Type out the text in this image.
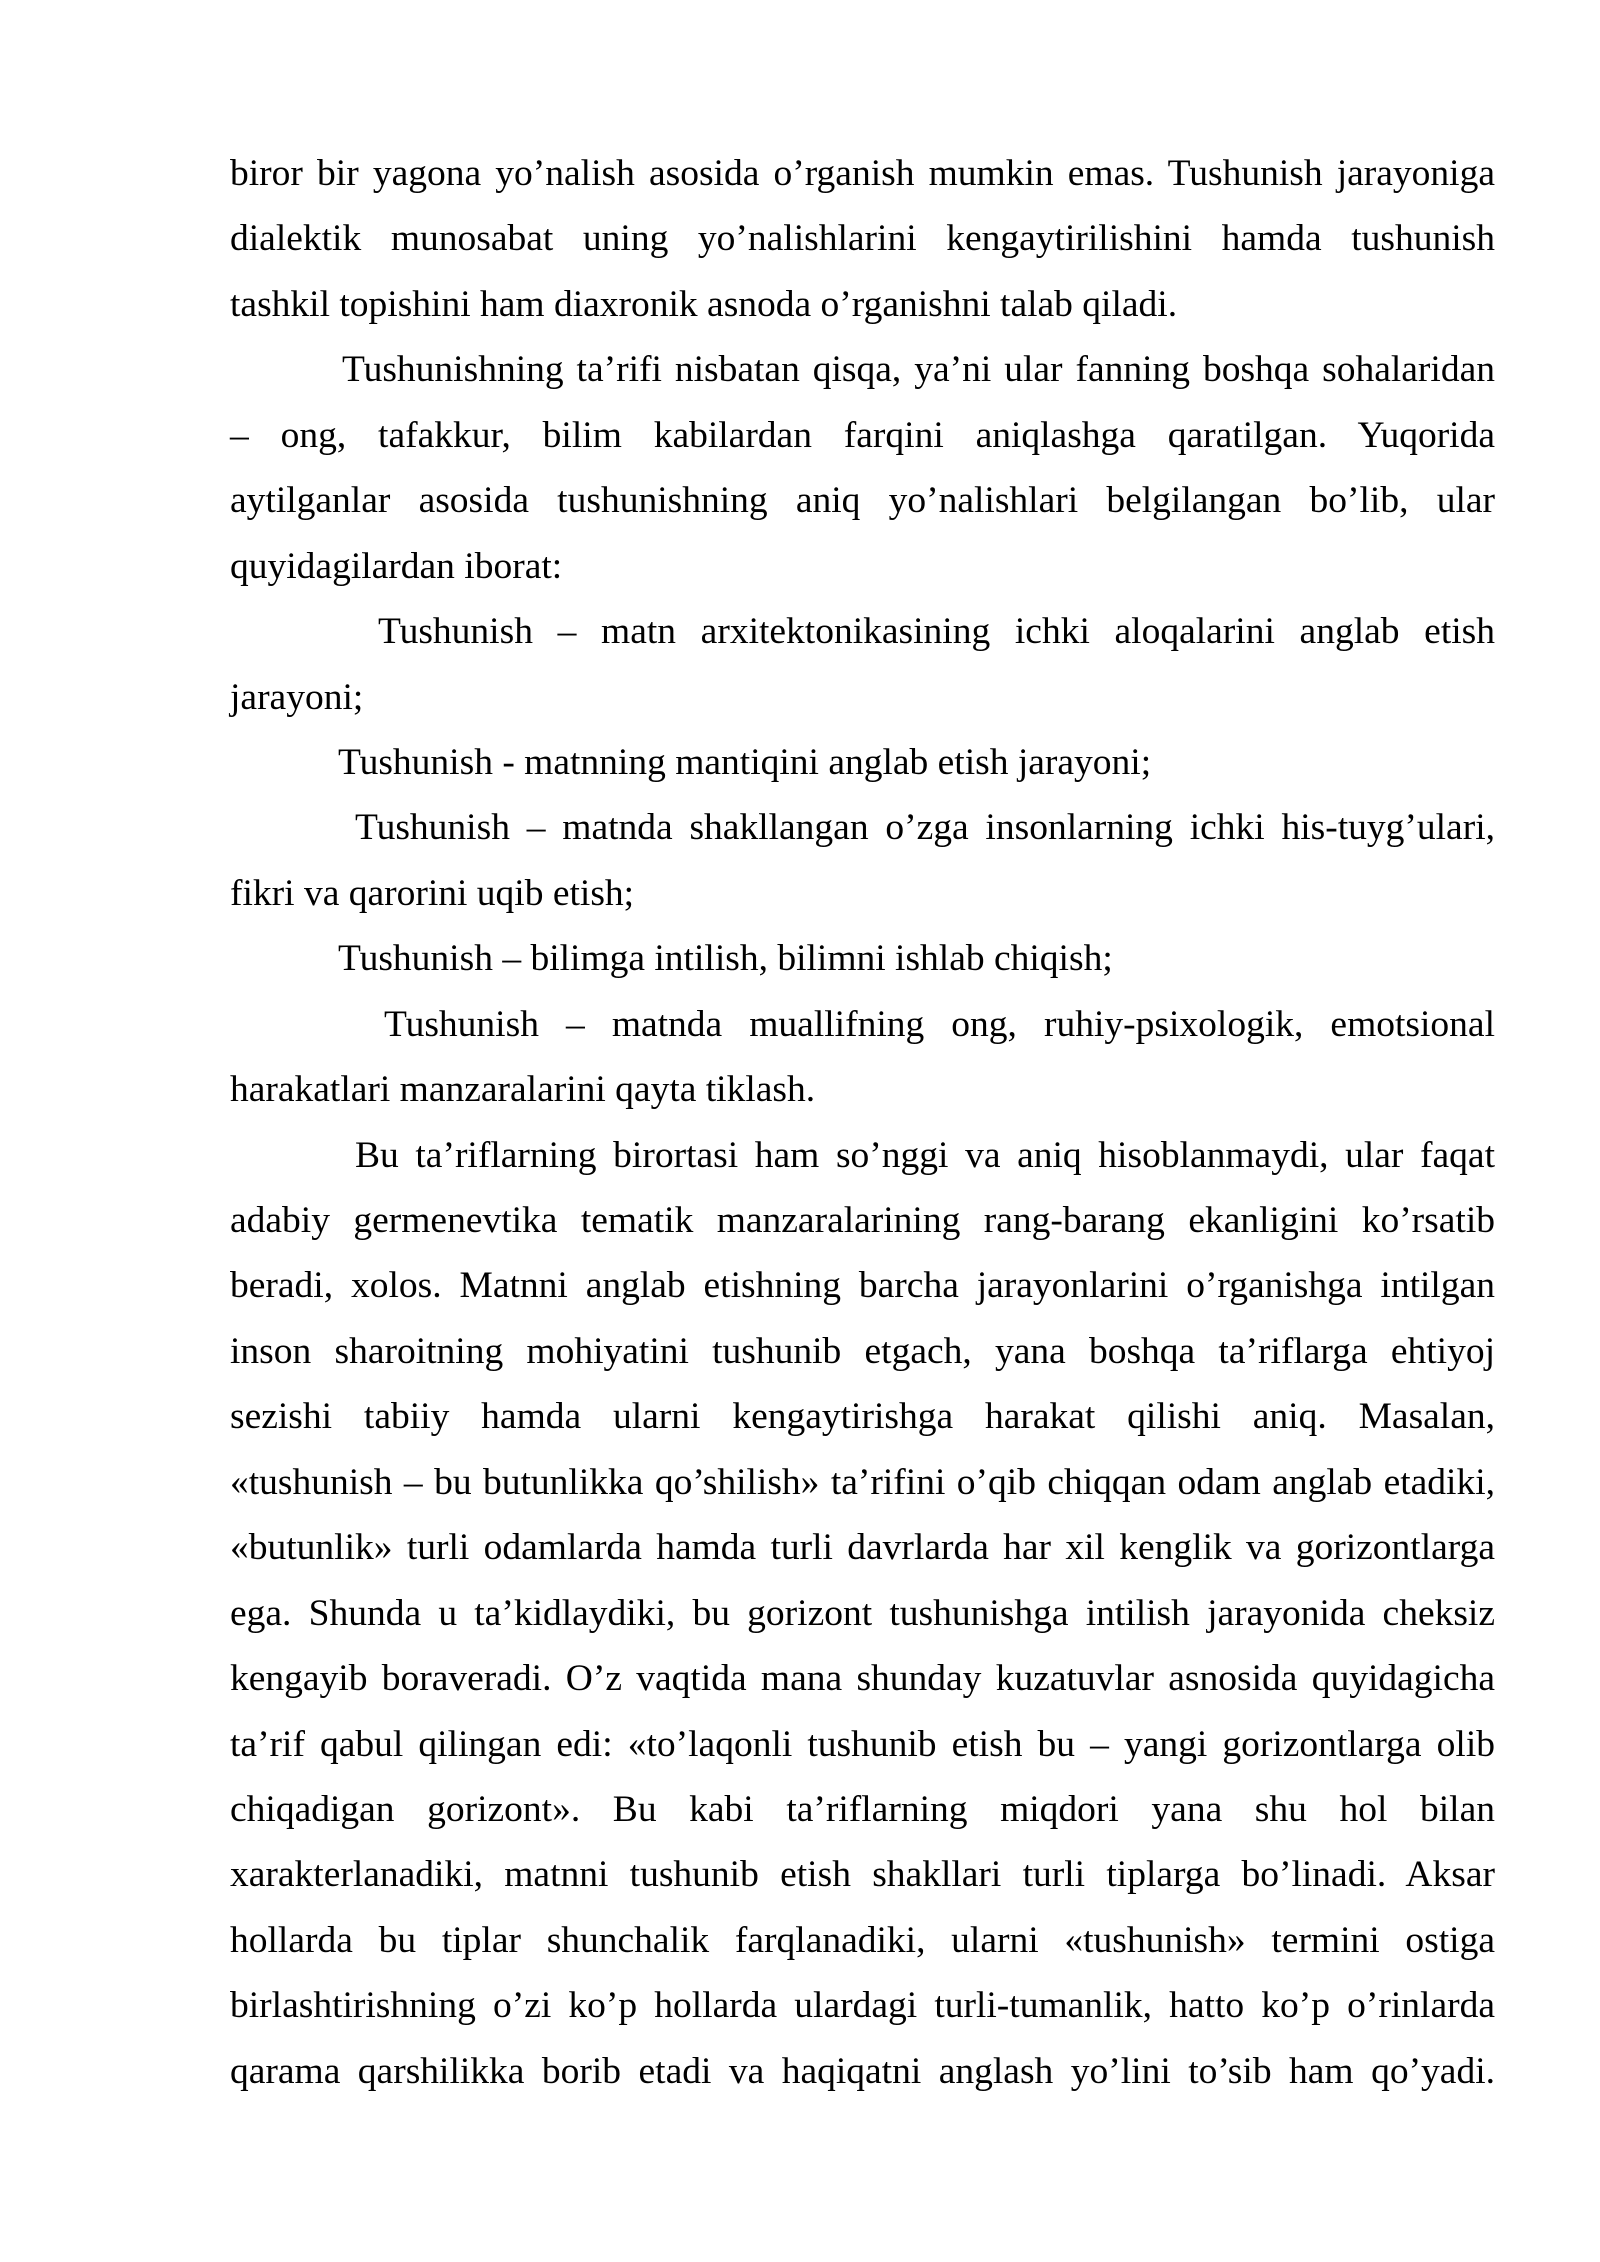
biror bir yagona yo’nalish asosida o’rganish mumkin emas. Tushunish jarayoniga
dialektik munosabat uning yo’nalishlarini kengaytirilishini hamda tushunish
tashkil topishini ham diaxronik asnoda o’rganishni talab qiladi.
Tushunishning ta’rifi nisbatan qisqa, ya’ni ular fanning boshqa sohalaridan
– ong, tafakkur, bilim kabilardan farqini aniqlashga qaratilgan. Yuqorida
aytilganlar asosida tushunishning aniq yo’nalishlari belgilangan bo’lib, ular
quyidagilardan iborat:
Tushunish – matn arxitektonikasining ichki aloqalarini anglab etish
jarayoni;
Tushunish - matnning mantiqini anglab etish jarayoni;
Tushunish – matnda shakllangan o’zga insonlarning ichki his-tuyg’ulari,
fikri va qarorini uqib etish;
Tushunish – bilimga intilish, bilimni ishlab chiqish;
Tushunish – matnda muallifning ong, ruhiy-psixologik, emotsional
harakatlari manzaralarini qayta tiklash.
Bu ta’riflarning birortasi ham so’nggi va aniq hisoblanmaydi, ular faqat
adabiy germenevtika tematik manzaralarining rang-barang ekanligini ko’rsatib
beradi, xolos. Matnni anglab etishning barcha jarayonlarini o’rganishga intilgan
inson sharoitning mohiyatini tushunib etgach, yana boshqa ta’riflarga ehtiyoj
sezishi tabiiy hamda ularni kengaytirishga harakat qilishi aniq. Masalan,
«tushunish – bu butunlikka qo’shilish» ta’rifini o’qib chiqqan odam anglab etadiki,
«butunlik» turli odamlarda hamda turli davrlarda har xil kenglik va gorizontlarga
ega. Shunda u ta’kidlaydiki, bu gorizont tushunishga intilish jarayonida cheksiz
kengayib boraveradi. O’z vaqtida mana shunday kuzatuvlar asnosida quyidagicha
ta’rif qabul qilingan edi: «to’laqonli tushunib etish bu – yangi gorizontlarga olib
chiqadigan gorizont». Bu kabi ta’riflarning miqdori yana shu hol bilan
xarakterlanadiki, matnni tushunib etish shakllari turli tiplarga bo’linadi. Aksar
hollarda bu tiplar shunchalik farqlanadiki, ularni «tushunish» termini ostiga
birlashtirishning o’zi ko’p hollarda ulardagi turli-tumanlik, hatto ko’p o’rinlarda
qarama qarshilikka borib etadi va haqiqatni anglash yo’lini to’sib ham qo’yadi.
